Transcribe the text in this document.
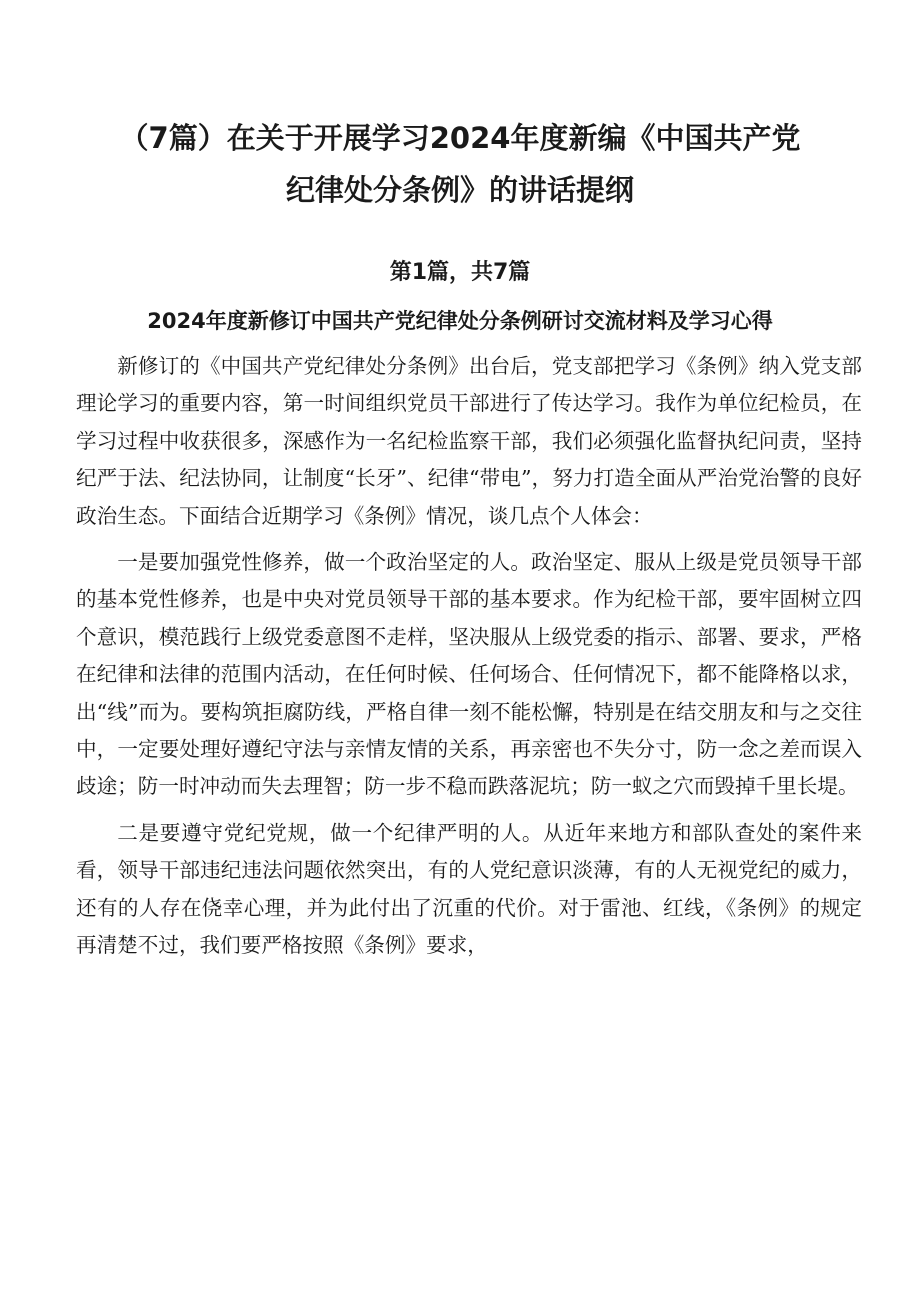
（7篇）在关于开展学习2024年度新编《中国共产党
纪律处分条例》的讲话提纲
第1篇，共7篇
2024年度新修订中国共产党纪律处分条例研讨交流材料及学习心得

新修订的《中国共产党纪律处分条例》出台后，党支部把学习《条例》纳入党支部理论学习的重要内容，第一时间组织党员干部进行了传达学习。我作为单位纪检员，在学习过程中收获很多，深感作为一名纪检监察干部，我们必须强化监督执纪问责，坚持纪严于法、纪法协同，让制度“长牙”、纪律“带电”，努力打造全面从严治党治警的良好政治生态。下面结合近期学习《条例》情况，谈几点个人体会：

一是要加强党性修养，做一个政治坚定的人。政治坚定、服从上级是党员领导干部的基本党性修养，也是中央对党员领导干部的基本要求。作为纪检干部，要牢固树立四个意识，模范践行上级党委意图不走样，坚决服从上级党委的指示、部署、要求，严格在纪律和法律的范围内活动，在任何时候、任何场合、任何情况下，都不能降格以求，出“线”而为。要构筑拒腐防线，严格自律一刻不能松懈，特别是在结交朋友和与之交往中，一定要处理好遵纪守法与亲情友情的关系，再亲密也不失分寸，防一念之差而误入歧途；防一时冲动而失去理智；防一步不稳而跌落泥坑；防一蚁之穴而毁掉千里长堤。

二是要遵守党纪党规，做一个纪律严明的人。从近年来地方和部队查处的案件来看，领导干部违纪违法问题依然突出，有的人党纪意识淡薄，有的人无视党纪的威力，还有的人存在侥幸心理，并为此付出了沉重的代价。对于雷池、红线，《条例》的规定再清楚不过，我们要严格按照《条例》要求，
